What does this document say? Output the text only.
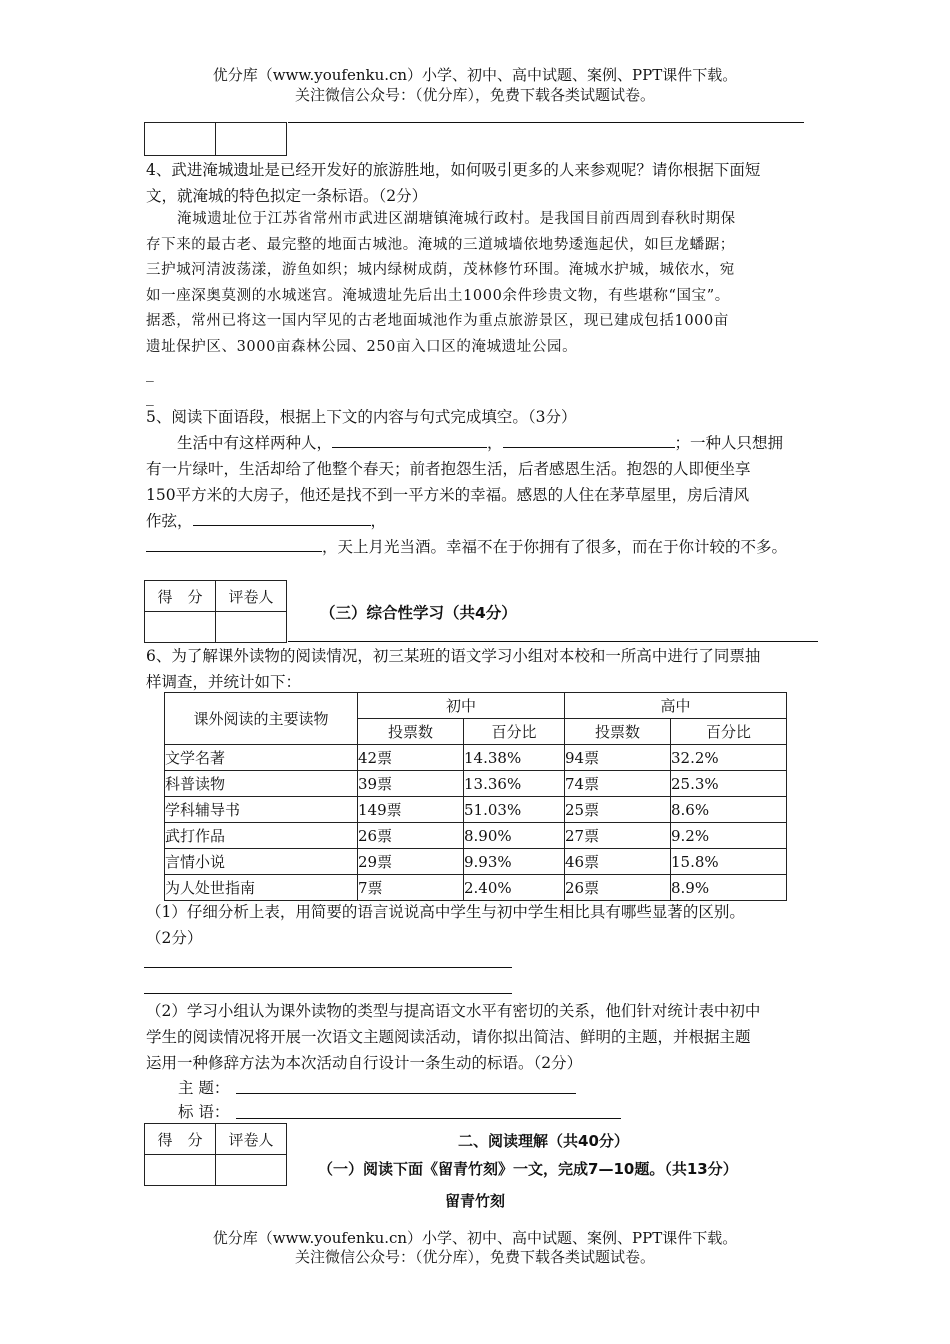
优分库（www.youfenku.cn）小学、初中、高中试题、案例、PPT课件下载。
关注微信公众号：（优分库），免费下载各类试题试卷。

4、武进淹城遗址是已经开发好的旅游胜地，如何吸引更多的人来参观呢？请你根据下面短
文，就淹城的特色拟定一条标语。（2分）
淹城遗址位于江苏省常州市武进区湖塘镇淹城行政村。是我国目前西周到春秋时期保
存下来的最古老、最完整的地面古城池。淹城的三道城墙依地势逶迤起伏，如巨龙蟠踞；
三护城河清波荡漾，游鱼如织；城内绿树成荫，茂林修竹环围。淹城水护城，城依水，宛
如一座深奥莫测的水城迷宫。淹城遗址先后出土1000余件珍贵文物，有些堪称“国宝”。
据悉，常州已将这一国内罕见的古老地面城池作为重点旅游景区，现已建成包括1000亩
遗址保护区、3000亩森林公园、250亩入口区的淹城遗址公园。
_
_
5、阅读下面语段，根据上下文的内容与句式完成填空。（3分）
生活中有这样两种人，	，	；一种人只想拥
有一片绿叶，生活却给了他整个春天；前者抱怨生活，后者感恩生活。抱怨的人即便坐享
150平方米的大房子，他还是找不到一平方米的幸福。感恩的人住在茅草屋里，房后清风
作弦，	，
，天上月光当酒。幸福不在于你拥有了很多，而在于你计较的不多。
得　分	评卷人

（三）综合性学习（共4分）
6、为了解课外读物的阅读情况，初三某班的语文学习小组对本校和一所高中进行了同票抽
样调查，并统计如下：
课外阅读的主要读物	初中		高中	
	投票数	百分比	投票数	百分比
文学名著	42票	14.38%	94票	32.2%
科普读物	39票	13.36%	74票	25.3%
学科辅导书	149票	51.03%	25票	8.6%
武打作品	26票	8.90%	27票	9.2%
言情小说	29票	9.93%	46票	15.8%
为人处世指南	7票	2.40%	26票	8.9%
（1）仔细分析上表，用简要的语言说说高中学生与初中学生相比具有哪些显著的区别。
（2分）
（2）学习小组认为课外读物的类型与提高语文水平有密切的关系，他们针对统计表中初中
学生的阅读情况将开展一次语文主题阅读活动，请你拟出简洁、鲜明的主题，并根据主题
运用一种修辞方法为本次活动自行设计一条生动的标语。（2分）
主 题：
标 语：
得　分	评卷人
		二、阅读理解（共40分）
（一）阅读下面《留青竹刻》一文，完成7—10题。（共13分）
留青竹刻
优分库（www.youfenku.cn）小学、初中、高中试题、案例、PPT课件下载。
关注微信公众号：（优分库），免费下载各类试题试卷。
